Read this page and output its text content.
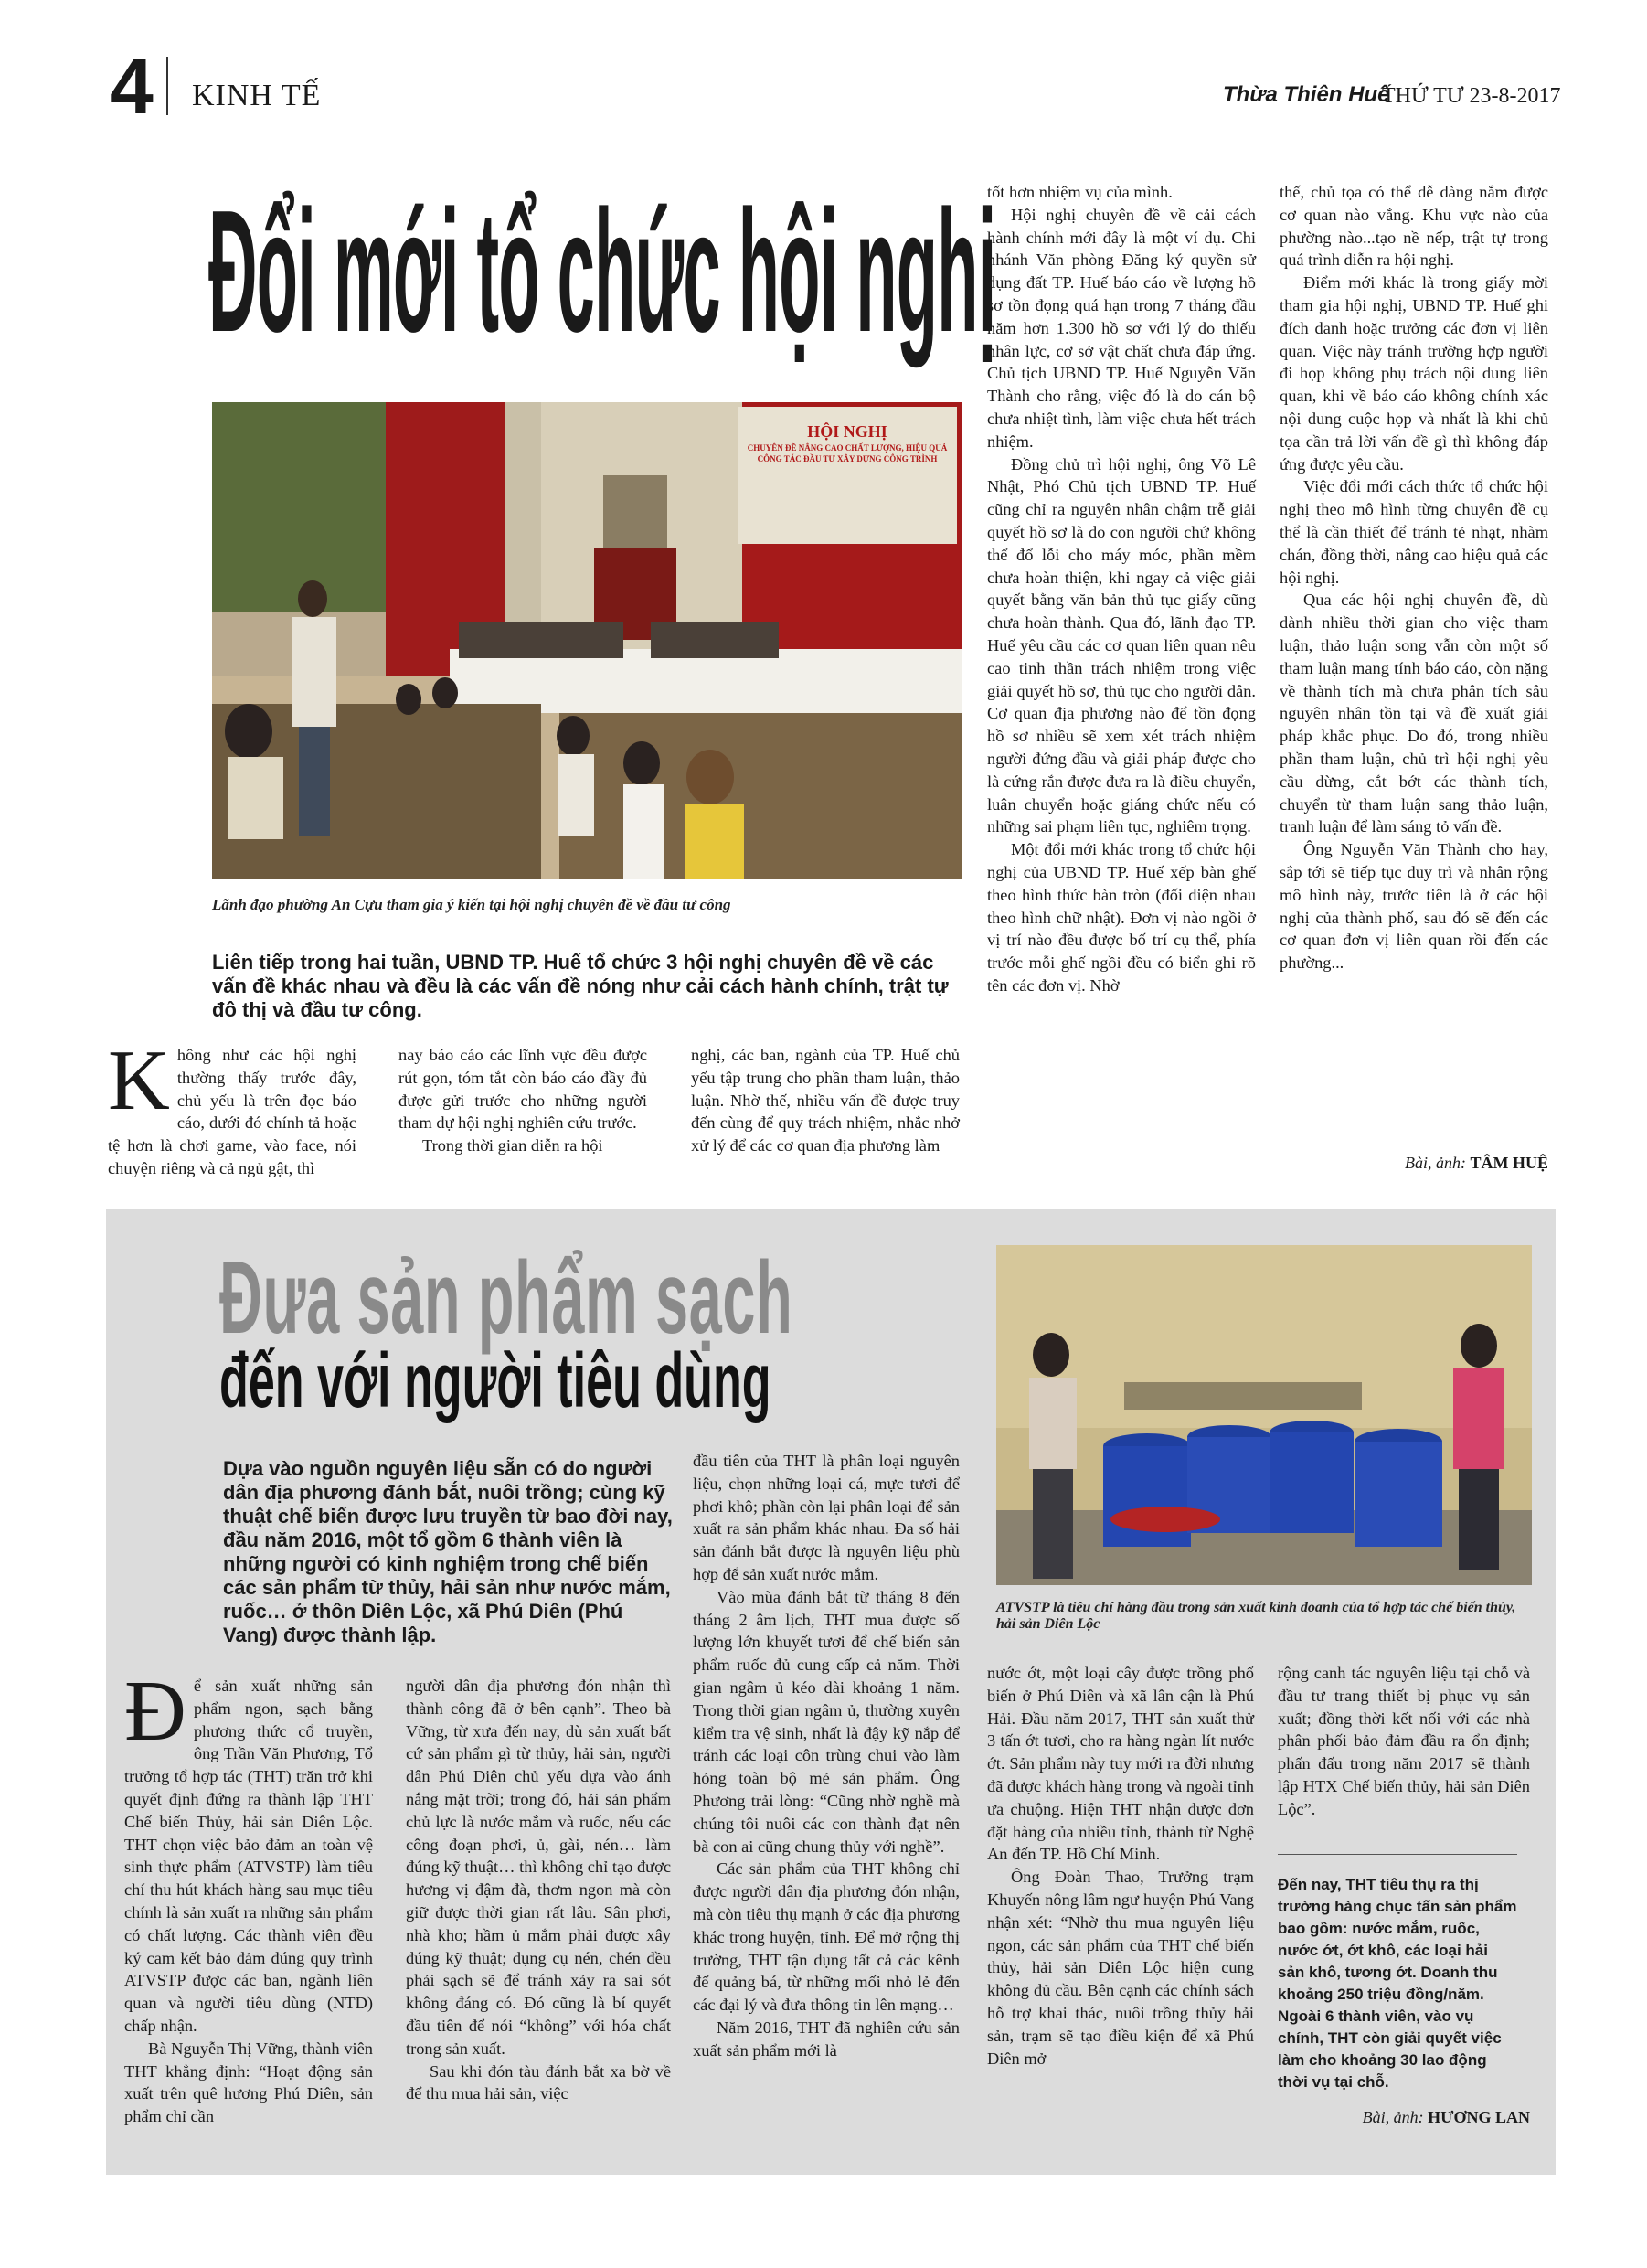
4 KINH TẾ	Thừa Thiên Huế
THỨ TƯ 23-8-2017
Đổi mới tổ chức hội nghị
HỘI NGHỊ
CHUYÊN ĐỀ NÂNG CAO CHẤT LƯỢNG, HIỆU QUẢ CÔNG TÁC ĐẦU TƯ XÂY DỰNG CÔNG TRÌNH
Lãnh đạo phường An Cựu tham gia ý kiến tại hội nghị chuyên đề về đầu tư công
Liên tiếp trong hai tuần, UBND TP. Huế tổ chức 3 hội nghị chuyên đề về các vấn đề khác nhau và đều là các vấn đề nóng như cải cách hành chính, trật tự đô thị và đầu tư công.

Không như các hội nghị thường thấy trước đây, chủ yếu là trên đọc báo cáo, dưới đó chính tả hoặc tệ hơn là chơi game, vào face, nói chuyện riêng và cả ngủ gật, thì

nay báo cáo các lĩnh vực đều được rút gọn, tóm tắt còn báo cáo đầy đủ được gửi trước cho những người tham dự hội nghị nghiên cứu trước.

Trong thời gian diễn ra hội

nghị, các ban, ngành của TP. Huế chủ yếu tập trung cho phần tham luận, thảo luận. Nhờ thế, nhiều vấn đề được truy đến cùng để quy trách nhiệm, nhắc nhở xử lý để các cơ quan địa phương làm

tốt hơn nhiệm vụ của mình.

Hội nghị chuyên đề về cải cách hành chính mới đây là một ví dụ. Chi nhánh Văn phòng Đăng ký quyền sử dụng đất TP. Huế báo cáo về lượng hồ sơ tồn đọng quá hạn trong 7 tháng đầu năm hơn 1.300 hồ sơ với lý do thiếu nhân lực, cơ sở vật chất chưa đáp ứng. Chủ tịch UBND TP. Huế Nguyễn Văn Thành cho rằng, việc đó là do cán bộ chưa nhiệt tình, làm việc chưa hết trách nhiệm.

Đồng chủ trì hội nghị, ông Võ Lê Nhật, Phó Chủ tịch UBND TP. Huế cũng chỉ ra nguyên nhân chậm trễ giải quyết hồ sơ là do con người chứ không thể đổ lỗi cho máy móc, phần mềm chưa hoàn thiện, khi ngay cả việc giải quyết bằng văn bản thủ tục giấy cũng chưa hoàn thành. Qua đó, lãnh đạo TP. Huế yêu cầu các cơ quan liên quan nêu cao tinh thần trách nhiệm trong việc giải quyết hồ sơ, thủ tục cho người dân. Cơ quan địa phương nào để tồn đọng hồ sơ nhiều sẽ xem xét trách nhiệm người đứng đầu và giải pháp được cho là cứng rắn được đưa ra là điều chuyển, luân chuyển hoặc giáng chức nếu có những sai phạm liên tục, nghiêm trọng.

Một đổi mới khác trong tổ chức hội nghị của UBND TP. Huế xếp bàn ghế theo hình thức bàn tròn (đối diện nhau theo hình chữ nhật). Đơn vị nào ngồi ở vị trí nào đều được bố trí cụ thể, phía trước mỗi ghế ngồi đều có biển ghi rõ tên các đơn vị. Nhờ

thế, chủ tọa có thể dễ dàng nắm được cơ quan nào vắng. Khu vực nào của phường nào...tạo nề nếp, trật tự trong quá trình diễn ra hội nghị.

Điểm mới khác là trong giấy mời tham gia hội nghị, UBND TP. Huế ghi đích danh hoặc trưởng các đơn vị liên quan. Việc này tránh trường hợp người đi họp không phụ trách nội dung liên quan, khi về báo cáo không chính xác nội dung cuộc họp và nhất là khi chủ tọa cần trả lời vấn đề gì thì không đáp ứng được yêu cầu.

Việc đổi mới cách thức tổ chức hội nghị theo mô hình từng chuyên đề cụ thể là cần thiết để tránh tẻ nhạt, nhàm chán, đồng thời, nâng cao hiệu quả các hội nghị.

Qua các hội nghị chuyên đề, dù dành nhiều thời gian cho việc tham luận, thảo luận song vẫn còn một số tham luận mang tính báo cáo, còn nặng về thành tích mà chưa phân tích sâu nguyên nhân tồn tại và đề xuất giải pháp khắc phục. Do đó, trong nhiều phần tham luận, chủ trì hội nghị yêu cầu dừng, cắt bớt các thành tích, chuyển từ tham luận sang thảo luận, tranh luận để làm sáng tỏ vấn đề.

Ông Nguyễn Văn Thành cho hay, sắp tới sẽ tiếp tục duy trì và nhân rộng mô hình này, trước tiên là ở các hội nghị của thành phố, sau đó sẽ đến các cơ quan đơn vị liên quan rồi đến các phường...

Bài, ảnh: TÂM HUỆ
Đưa sản phẩm sạch
đến với người tiêu dùng
ATVSTP là tiêu chí hàng đầu trong sản xuất kinh doanh của tổ hợp tác chế biến thủy, hải sản Diên Lộc
Dựa vào nguồn nguyên liệu sẵn có do người dân địa phương đánh bắt, nuôi trồng; cùng kỹ thuật chế biến được lưu truyền từ bao đời nay, đầu năm 2016, một tổ gồm 6 thành viên là những người có kinh nghiệm trong chế biến các sản phẩm từ thủy, hải sản như nước mắm, ruốc… ở thôn Diên Lộc, xã Phú Diên (Phú Vang) được thành lập.

Để sản xuất những sản phẩm ngon, sạch bằng phương thức cổ truyền, ông Trần Văn Phương, Tổ trưởng tổ hợp tác (THT) trăn trở khi quyết định đứng ra thành lập THT Chế biến Thủy, hải sản Diên Lộc. THT chọn việc bảo đảm an toàn vệ sinh thực phẩm (ATVSTP) làm tiêu chí thu hút khách hàng sau mục tiêu chính là sản xuất ra những sản phẩm có chất lượng. Các thành viên đều ký cam kết bảo đảm đúng quy trình ATVSTP được các ban, ngành liên quan và người tiêu dùng (NTD) chấp nhận.

Bà Nguyễn Thị Vững, thành viên THT khẳng định: “Hoạt động sản xuất trên quê hương Phú Diên, sản phẩm chỉ cần

người dân địa phương đón nhận thì thành công đã ở bên cạnh”. Theo bà Vững, từ xưa đến nay, dù sản xuất bất cứ sản phẩm gì từ thủy, hải sản, người dân Phú Diên chủ yếu dựa vào ánh nắng mặt trời; trong đó, hải sản phẩm chủ lực là nước mắm và ruốc, nếu các công đoạn phơi, ủ, gài, nén… làm đúng kỹ thuật… thì không chỉ tạo được hương vị đậm đà, thơm ngon mà còn giữ được thời gian rất lâu. Sân phơi, nhà kho; hầm ủ mắm phải được xây đúng kỹ thuật; dụng cụ nén, chén đều phải sạch sẽ để tránh xảy ra sai sót không đáng có. Đó cũng là bí quyết đầu tiên để nói “không” với hóa chất trong sản xuất.

Sau khi đón tàu đánh bắt xa bờ về để thu mua hải sản, việc

đầu tiên của THT là phân loại nguyên liệu, chọn những loại cá, mực tươi để phơi khô; phần còn lại phân loại để sản xuất ra sản phẩm khác nhau. Đa số hải sản đánh bắt được là nguyên liệu phù hợp để sản xuất nước mắm.

Vào mùa đánh bắt từ tháng 8 đến tháng 2 âm lịch, THT mua được số lượng lớn khuyết tươi để chế biến sản phẩm ruốc đủ cung cấp cả năm. Thời gian ngâm ủ kéo dài khoảng 1 năm. Trong thời gian ngâm ủ, thường xuyên kiểm tra vệ sinh, nhất là đậy kỹ nắp để tránh các loại côn trùng chui vào làm hỏng toàn bộ mẻ sản phẩm. Ông Phương trải lòng: “Cũng nhờ nghề mà chúng tôi nuôi các con thành đạt nên bà con ai cũng chung thủy với nghề”.

Các sản phẩm của THT không chỉ được người dân địa phương đón nhận, mà còn tiêu thụ mạnh ở các địa phương khác trong huyện, tỉnh. Để mở rộng thị trường, THT tận dụng tất cả các kênh để quảng bá, từ những mối nhỏ lẻ đến các đại lý và đưa thông tin lên mạng…

Năm 2016, THT đã nghiên cứu sản xuất sản phẩm mới là

nước ớt, một loại cây được trồng phổ biến ở Phú Diên và xã lân cận là Phú Hải. Đầu năm 2017, THT sản xuất thử 3 tấn ớt tươi, cho ra hàng ngàn lít nước ớt. Sản phẩm này tuy mới ra đời nhưng đã được khách hàng trong và ngoài tỉnh ưa chuộng. Hiện THT nhận được đơn đặt hàng của nhiều tỉnh, thành từ Nghệ An đến TP. Hồ Chí Minh.

Ông Đoàn Thao, Trưởng trạm Khuyến nông lâm ngư huyện Phú Vang nhận xét: “Nhờ thu mua nguyên liệu ngon, các sản phẩm của THT chế biến thủy, hải sản Diên Lộc hiện cung không đủ cầu. Bên cạnh các chính sách hỗ trợ khai thác, nuôi trồng thủy hải sản, trạm sẽ tạo điều kiện để xã Phú Diên mở

rộng canh tác nguyên liệu tại chỗ và đầu tư trang thiết bị phục vụ sản xuất; đồng thời kết nối với các nhà phân phối bảo đảm đầu ra ổn định; phấn đấu trong năm 2017 sẽ thành lập HTX Chế biến thủy, hải sản Diên Lộc”.

Đến nay, THT tiêu thụ ra thị trường hàng chục tấn sản phẩm bao gồm: nước mắm, ruốc, nước ớt, ớt khô, các loại hải sản khô, tương ớt. Doanh thu khoảng 250 triệu đồng/năm. Ngoài 6 thành viên, vào vụ chính, THT còn giải quyết việc làm cho khoảng 30 lao động thời vụ tại chỗ.
Bài, ảnh: HƯƠNG LAN
